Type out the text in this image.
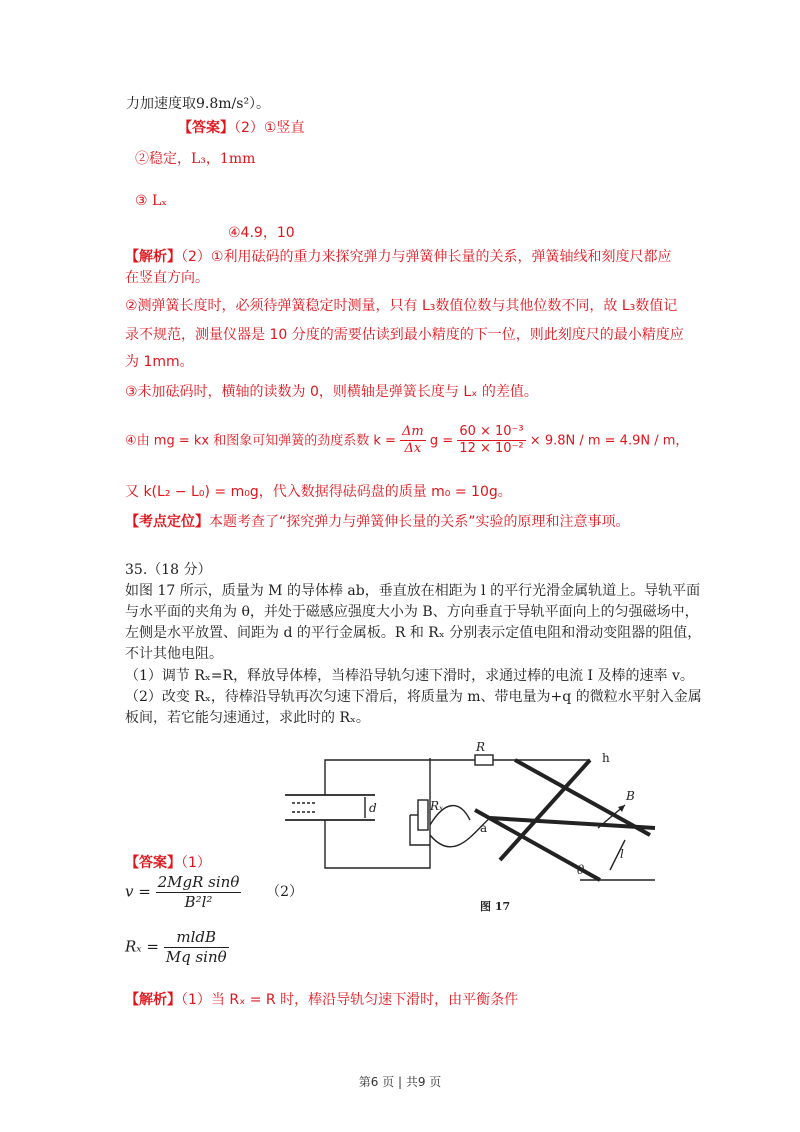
力加速度取9.8m/s²）。
【答案】（2）①竖直
②稳定，L₃，1mm
③ Lₓ
④4.9，10
【解析】（2）①利用砝码的重力来探究弹力与弹簧伸长量的关系，弹簧轴线和刻度尺都应
在竖直方向。
②测弹簧长度时，必须待弹簧稳定时测量，只有 L₃数值位数与其他位数不同，故 L₃数值记
录不规范，测量仪器是 10 分度的需要估读到最小精度的下一位，则此刻度尺的最小精度应
为 1mm。
③未加砝码时，横轴的读数为 0，则横轴是弹簧长度与 Lₓ 的差值。
④由 mg = kx 和图象可知弹簧的劲度系数 $k = \frac{\Delta m}{\Delta x}$ $g = \frac{\text{60 × 10⁻³}}{\text{12 × 10⁻²}} \times 9.8N / m = 4.9N / m$，
又 k(L₂ − L₀) = m₀g，代入数据得砝码盘的质量 m₀ = 10g。
【考点定位】本题考查了“探究弹力与弹簧伸长量的关系”实验的原理和注意事项。
35.（18 分）
如图 17 所示，质量为 M 的导体棒 ab，垂直放在相距为 l 的平行光滑金属轨道上。导轨平面
与水平面的夹角为 θ，并处于磁感应强度大小为 B、方向垂直于导轨平面向上的匀强磁场中，
左侧是水平放置、间距为 d 的平行金属板。R 和 Rₓ 分别表示定值电阻和滑动变阻器的阻值，
不计其他电阻。
（1）调节 Rₓ=R，释放导体棒，当棒沿导轨匀速下滑时，求通过棒的电流 I 及棒的速率 v。
（2）改变 Rₓ，待棒沿导轨再次匀速下滑后，将质量为 m、带电量为+q 的微粒水平射入金属
板间，若它能匀速通过，求此时的 Rₓ。
R
Rₓ
d
a
h
B
l
θ
图 17
【答案】（1）
$v = \frac{\text{2MgR sinθ}}{\text{B²l²}} (2)$
$R_x = \frac{\text{mldB}}{\text{Mq sinθ}}$
【解析】（1）当 Rₓ = R 时，棒沿导轨匀速下滑时，由平衡条件
第6 页 | 共9 页
